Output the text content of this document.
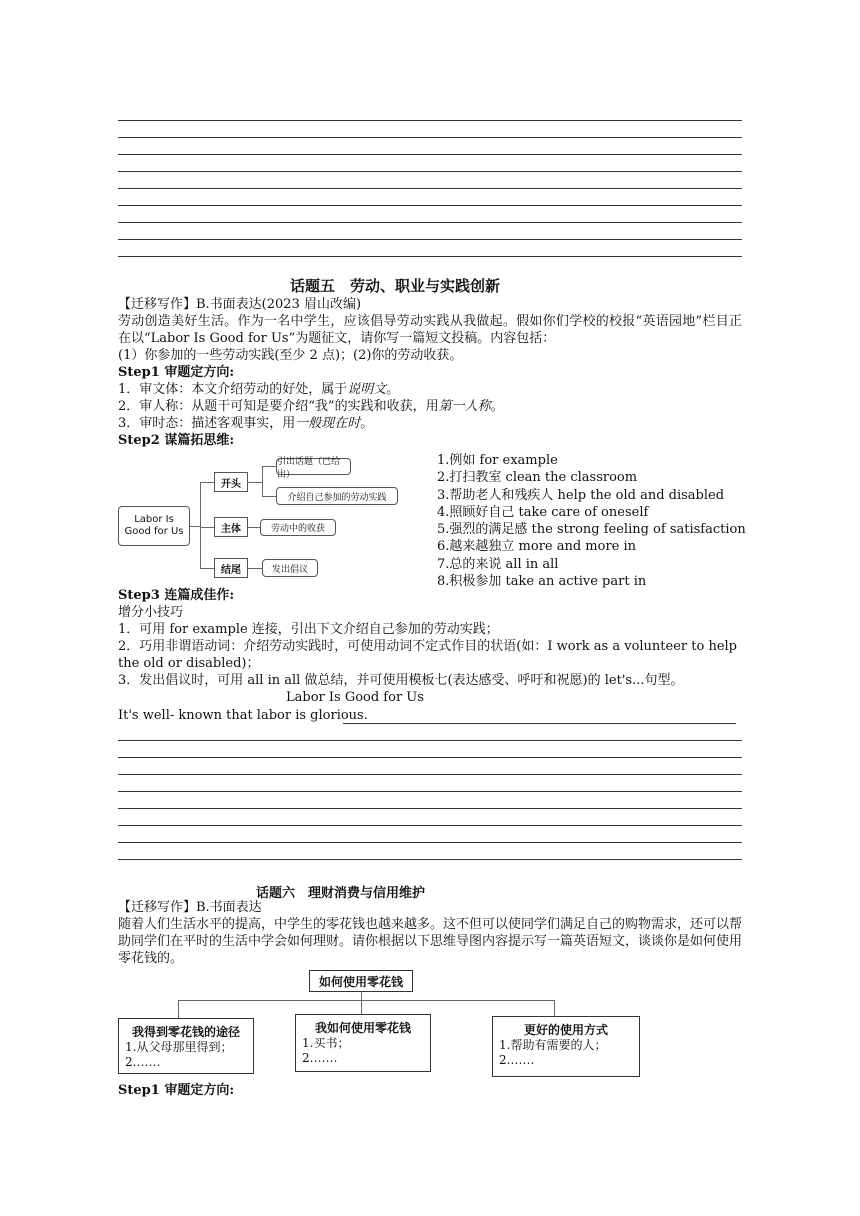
话题五　劳动、职业与实践创新
【迁移写作】B.书面表达(2023 眉山改编)
劳动创造美好生活。作为一名中学生，应该倡导劳动实践从我做起。假如你们学校的校报“英语园地”栏目正在以“Labor Is Good for Us”为题征文，请你写一篇短文投稿。内容包括：
(1）你参加的一些劳动实践(至少 2 点)；(2)你的劳动收获。
Step1 审题定方向:
1．审文体：本文介绍劳动的好处，属于说明文。
2．审人称：从题干可知是要介绍“我”的实践和收获，用第一人称。
3．审时态：描述客观事实，用一般现在时。
Step2 谋篇拓思维:
Labor Is Good for Us
开头
主体
结尾
引出话题（已给出）
介绍自己参加的劳动实践
劳动中的收获
发出倡议
1.例如 for example
2.打扫教室 clean the classroom
3.帮助老人和残疾人 help the old and disabled
4.照顾好自己 take care of oneself
5.强烈的满足感 the strong feeling of satisfaction
6.越来越独立 more and more in
7.总的来说 all in all
8.积极参加 take an active part in
Step3 连篇成佳作:
增分小技巧
1．可用 for example 连接，引出下文介绍自己参加的劳动实践；
2．巧用非谓语动词：介绍劳动实践时，可使用动词不定式作目的状语(如：I work as a volunteer to help the old or disabled)；
3．发出倡议时，可用 all in all 做总结，并可使用模板七(表达感受、呼吁和祝愿)的 let's...句型。
Labor Is Good for Us
It's well- known that labor is glorious.
话题六　理财消费与信用维护
【迁移写作】B.书面表达
随着人们生活水平的提高，中学生的零花钱也越来越多。这不但可以使同学们满足自己的购物需求，还可以帮助同学们在平时的生活中学会如何理财。请你根据以下思维导图内容提示写一篇英语短文，谈谈你是如何使用零花钱的。
如何使用零花钱
我得到零花钱的途径
1.从父母那里得到；
2.……
我如何使用零花钱
1.买书；
2.……
更好的使用方式
1.帮助有需要的人；
2.……
Step1 审题定方向:
